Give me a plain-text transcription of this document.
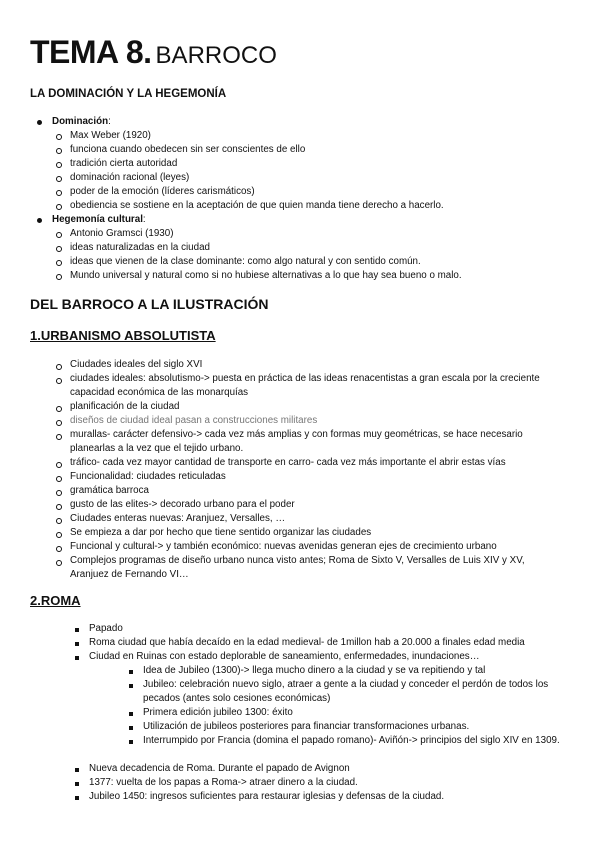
TEMA 8. BARROCO
LA DOMINACIÓN Y LA HEGEMONÍA
Dominación:
Max Weber (1920)
funciona cuando obedecen sin ser conscientes de ello
tradición cierta autoridad
dominación racional (leyes)
poder de la emoción (líderes carismáticos)
obediencia se sostiene en la aceptación de que quien manda tiene derecho a hacerlo.
Hegemonía cultural:
Antonio Gramsci (1930)
ideas naturalizadas en la ciudad
ideas que vienen de la clase dominante: como algo natural y con sentido común.
Mundo universal y natural como si no hubiese alternativas a lo que hay sea bueno o malo.
DEL BARROCO A LA ILUSTRACIÓN
1.URBANISMO ABSOLUTISTA
Ciudades ideales del siglo XVI
ciudades ideales: absolutismo-> puesta en práctica de las ideas renacentistas a gran escala por la creciente capacidad económica de las monarquías
planificación de la ciudad
diseños de ciudad ideal pasan a construcciones militares
murallas- carácter defensivo-> cada vez más amplias y con formas muy geométricas, se hace necesario planearlas a la vez que el tejido urbano.
tráfico- cada vez mayor cantidad de transporte en carro- cada vez más importante el abrir estas vías
Funcionalidad: ciudades reticuladas
gramática barroca
gusto de las elites-> decorado urbano para el poder
Ciudades enteras nuevas: Aranjuez, Versalles, …
Se empieza a dar por hecho que tiene sentido organizar las ciudades
Funcional y cultural-> y también económico: nuevas avenidas generan ejes de crecimiento urbano
Complejos programas de diseño urbano nunca visto antes; Roma de Sixto V, Versalles de Luis XIV y XV, Aranjuez de Fernando VI…
2.ROMA
Papado
Roma ciudad que había decaído en la edad medieval- de 1millon hab a 20.000 a finales edad media
Ciudad en Ruinas con estado deplorable de saneamiento, enfermedades, inundaciones…
Idea de Jubileo (1300)-> llega mucho dinero a la ciudad y se va repitiendo y tal
Jubileo: celebración nuevo siglo, atraer a gente a la ciudad y conceder el perdón de todos los pecados (antes solo cesiones económicas)
Primera edición jubileo 1300: éxito
Utilización de jubileos posteriores para financiar transformaciones urbanas.
Interrumpido por Francia (domina el papado romano)- Aviñón-> principios del siglo XIV en 1309.
Nueva decadencia de Roma. Durante el papado de Avignon
1377: vuelta de los papas a Roma-> atraer dinero a la ciudad.
Jubileo 1450: ingresos suficientes para restaurar iglesias y defensas de la ciudad.
